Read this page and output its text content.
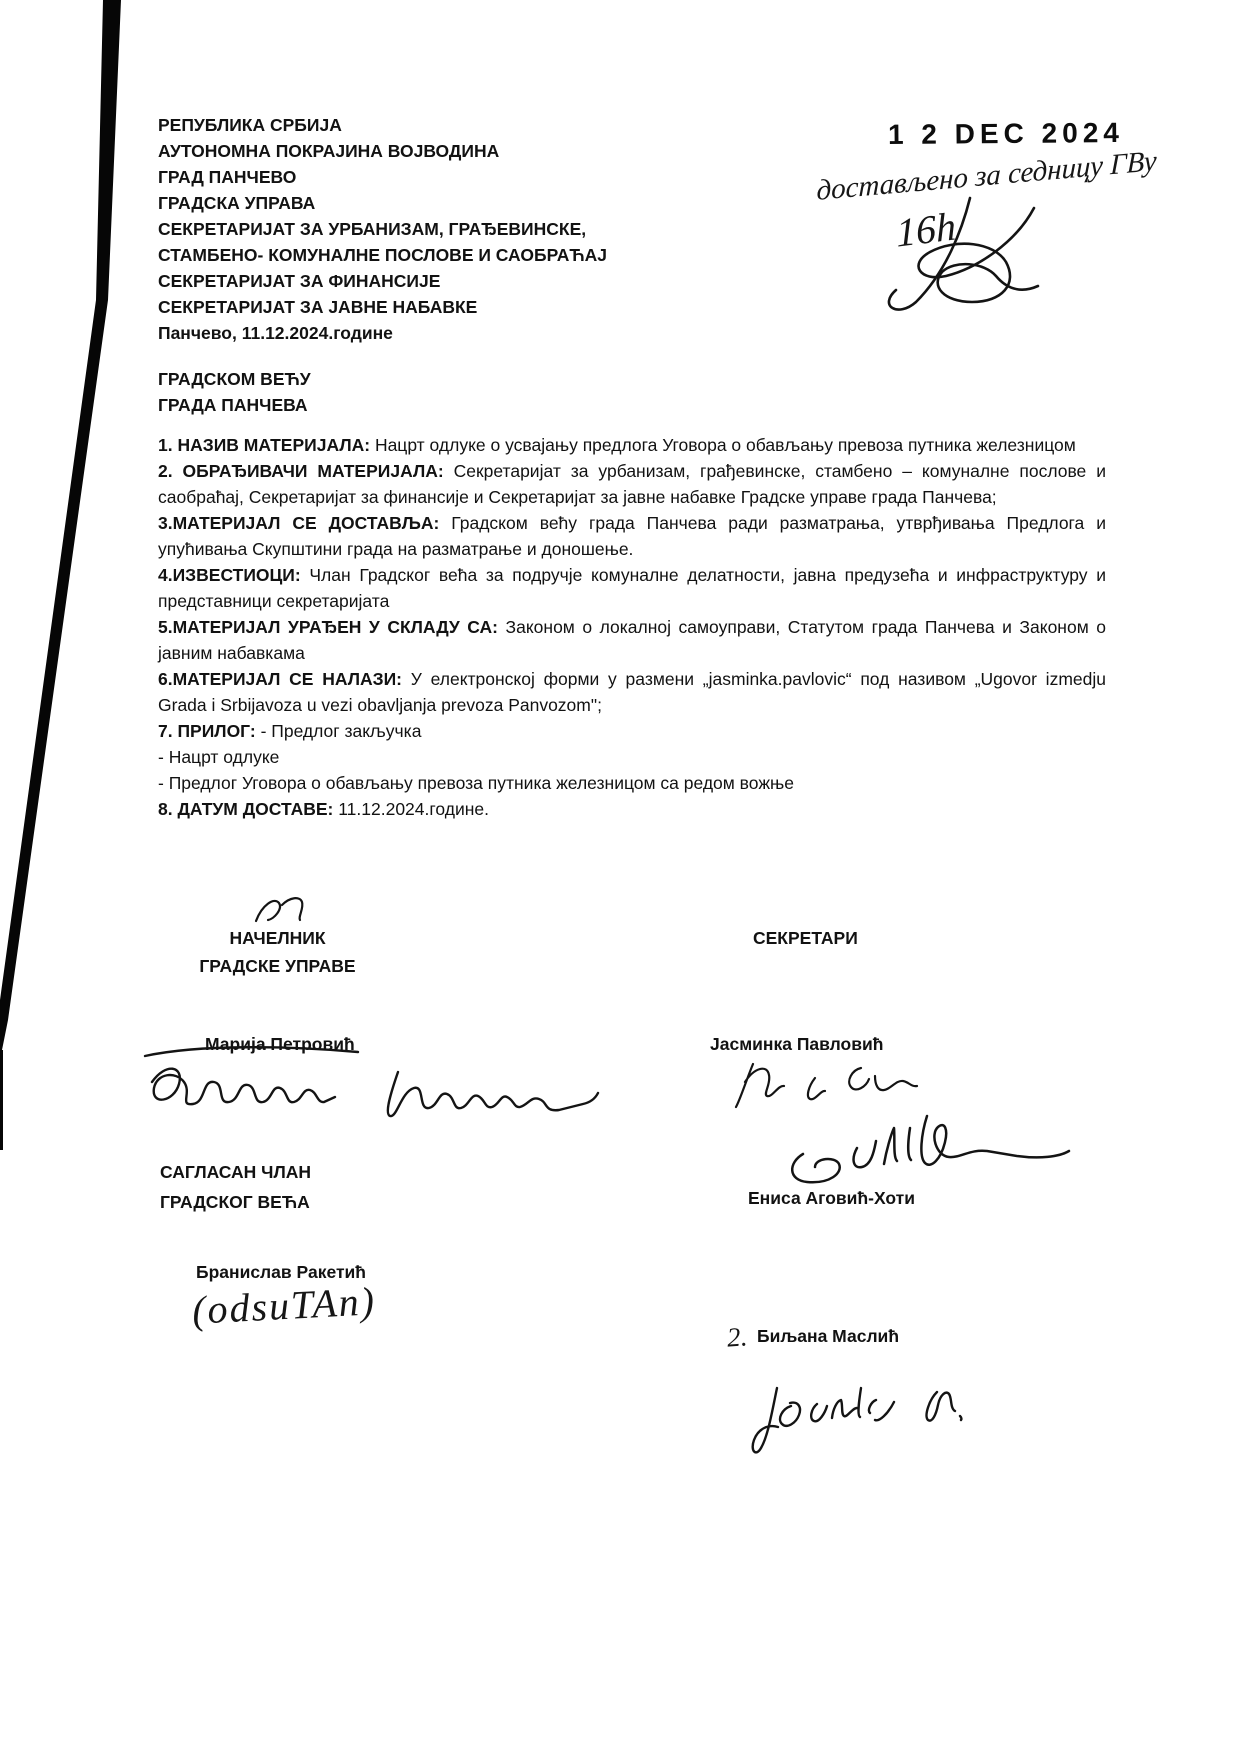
1 2 DEC 2024
достављено за седницу ГВу
16h
РЕПУБЛИКА СРБИЈА
АУТОНОМНА ПОКРАЈИНА ВОЈВОДИНА
ГРАД ПАНЧЕВО
ГРАДСКА УПРАВА
СЕКРЕТАРИЈАТ ЗА УРБАНИЗАМ, ГРАЂЕВИНСКЕ,
СТАМБЕНО- КОМУНАЛНЕ ПОСЛОВЕ И САОБРАЋАЈ
СЕКРЕТАРИЈАТ ЗА ФИНАНСИЈЕ
СЕКРЕТАРИЈАТ ЗА ЈАВНЕ НАБАВКЕ
Панчево, 11.12.2024.године
ГРАДСКОМ ВЕЋУ
ГРАДА ПАНЧЕВА

1. НАЗИВ МАТЕРИЈАЛА: Нацрт одлуке о усвајању предлога Уговора о обављању превоза путника железницом

2. ОБРАЂИВАЧИ МАТЕРИЈАЛА: Секретаријат за урбанизам, грађевинске, стамбено – комуналне послове и саобраћај, Секретаријат за финансије и Секретаријат за јавне набавке Градске управе града Панчева;

3.МАТЕРИЈАЛ СЕ ДОСТАВЉА: Градском већу града Панчева ради разматрања, утврђивања Предлога и упућивања Скупштини града на разматрање и доношење.

4.ИЗВЕСТИОЦИ: Члан Градског већа за подручје комуналне делатности, јавна предузећа и инфраструктуру и представници секретаријата

5.МАТЕРИЈАЛ УРАЂЕН У СКЛАДУ СА: Законом о локалној самоуправи, Статутом града Панчева и Законом о јавним набавкама

6.МАТЕРИЈАЛ СЕ НАЛАЗИ: У електронској форми у размени „jasminka.pavlovic“ под називом „Ugovor izmedju Grada i Srbijavoza u vezi obavljanja prevoza Panvozom";

7. ПРИЛОГ: - Предлог закључка

- Нацрт одлуке

- Предлог Уговора о обављању превоза путника железницом са редом вожње

8. ДАТУМ ДОСТАВЕ: 11.12.2024.године.

НАЧЕЛНИК
ГРАДСКЕ УПРАВЕ
СЕКРЕТАРИ
Марија Петровић	Јасминка Павловић
Ениса Аговић-Хоти
САГЛАСАН ЧЛАН
ГРАДСКОГ ВЕЋА
Бранислав Ракетић
(odsuTAn)
2. Биљана Маслић
